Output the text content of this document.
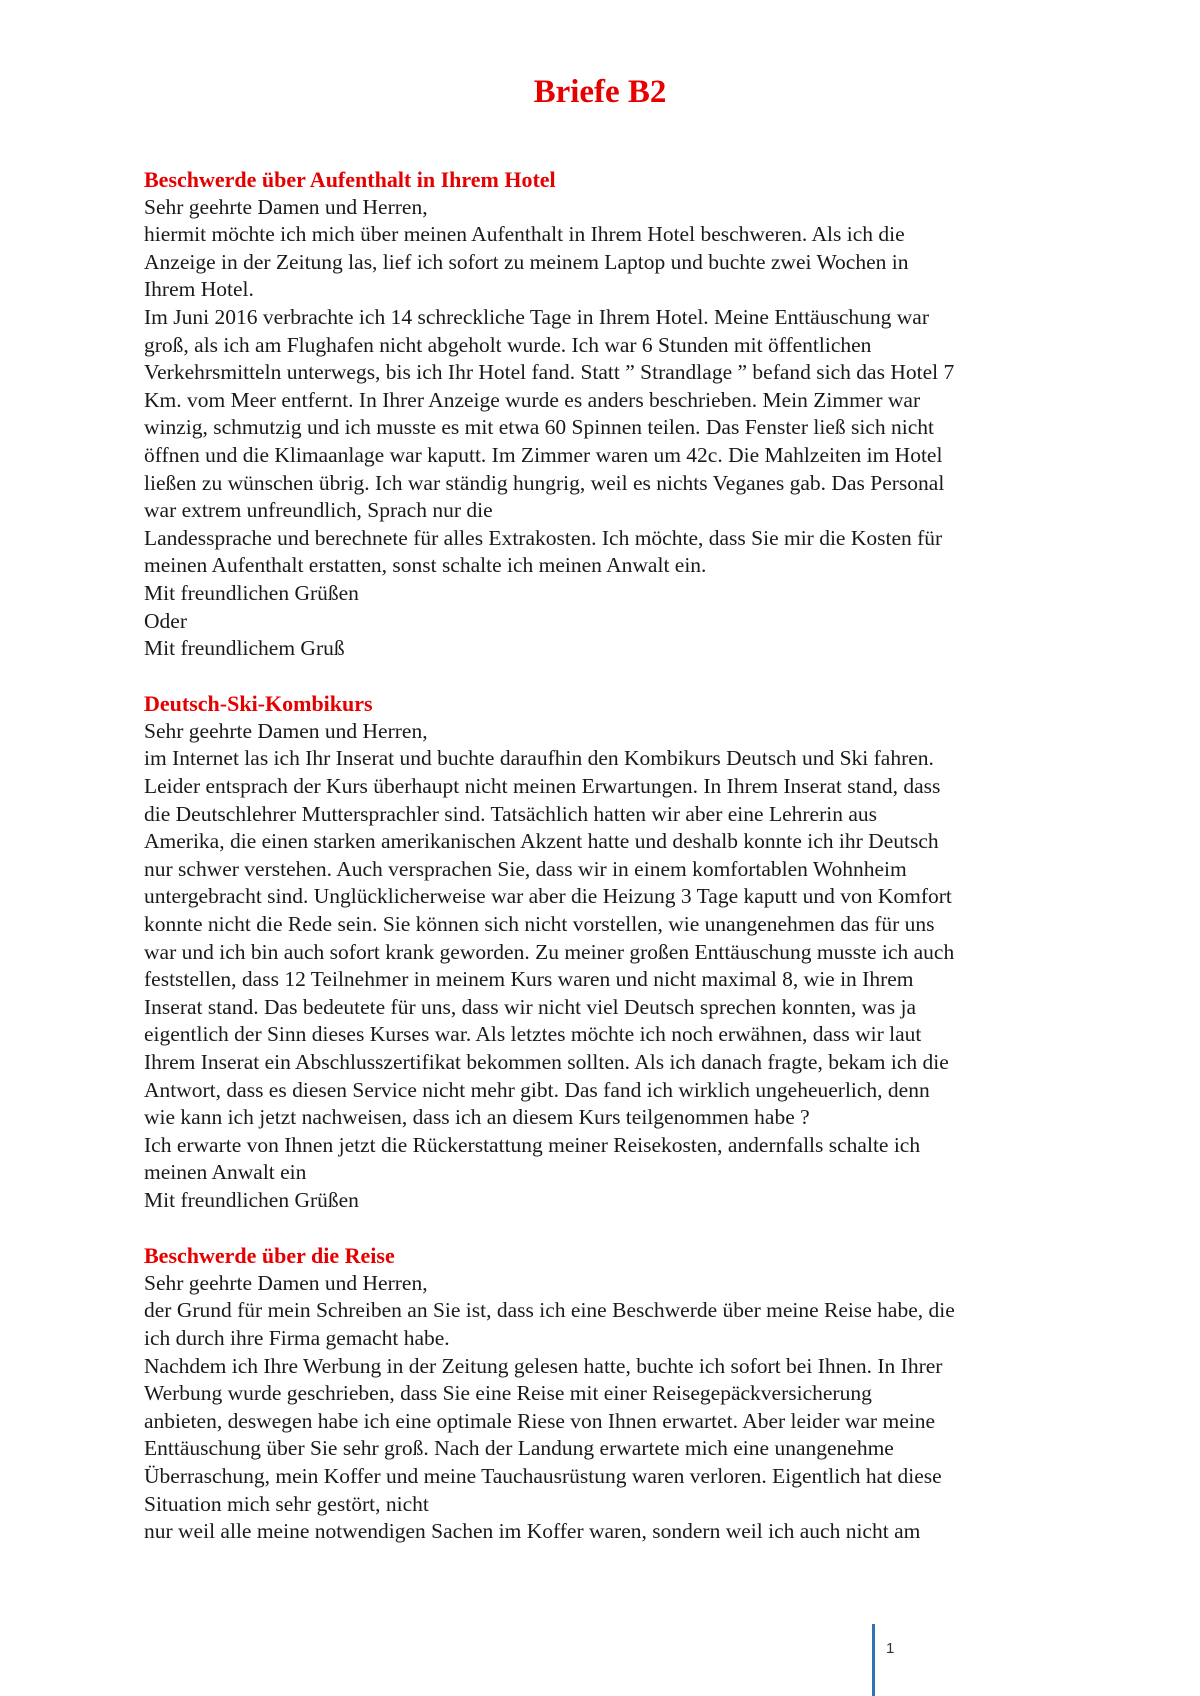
Briefe B2
Beschwerde über Aufenthalt in Ihrem Hotel

Sehr geehrte Damen und Herren,

hiermit möchte ich mich über meinen Aufenthalt in Ihrem Hotel beschweren. Als ich die

Anzeige in der Zeitung las, lief ich sofort zu meinem Laptop und buchte zwei Wochen in

Ihrem Hotel.

Im Juni 2016 verbrachte ich 14 schreckliche Tage in Ihrem Hotel. Meine Enttäuschung war

groß, als ich am Flughafen nicht abgeholt wurde. Ich war 6 Stunden mit öffentlichen

Verkehrsmitteln unterwegs, bis ich Ihr Hotel fand. Statt ” Strandlage ” befand sich das Hotel 7

Km. vom Meer entfernt. In Ihrer Anzeige wurde es anders beschrieben. Mein Zimmer war

winzig, schmutzig und ich musste es mit etwa 60 Spinnen teilen. Das Fenster ließ sich nicht

öffnen und die Klimaanlage war kaputt. Im Zimmer waren um 42c. Die Mahlzeiten im Hotel

ließen zu wünschen übrig. Ich war ständig hungrig, weil es nichts Veganes gab. Das Personal

war extrem unfreundlich, Sprach nur die

Landessprache und berechnete für alles Extrakosten. Ich möchte, dass Sie mir die Kosten für

meinen Aufenthalt erstatten, sonst schalte ich meinen Anwalt ein.

Mit freundlichen Grüßen

Oder

Mit freundlichem Gruß

Deutsch-Ski-Kombikurs

Sehr geehrte Damen und Herren,

im Internet las ich Ihr Inserat und buchte daraufhin den Kombikurs Deutsch und Ski fahren.

Leider entsprach der Kurs überhaupt nicht meinen Erwartungen. In Ihrem Inserat stand, dass

die Deutschlehrer Muttersprachler sind. Tatsächlich hatten wir aber eine Lehrerin aus

Amerika, die einen starken amerikanischen Akzent hatte und deshalb konnte ich ihr Deutsch

nur schwer verstehen. Auch versprachen Sie, dass wir in einem komfortablen Wohnheim

untergebracht sind. Unglücklicherweise war aber die Heizung 3 Tage kaputt und von Komfort

konnte nicht die Rede sein. Sie können sich nicht vorstellen, wie unangenehmen das für uns

war und ich bin auch sofort krank geworden. Zu meiner großen Enttäuschung musste ich auch

feststellen, dass 12 Teilnehmer in meinem Kurs waren und nicht maximal 8, wie in Ihrem

Inserat stand. Das bedeutete für uns, dass wir nicht viel Deutsch sprechen konnten, was ja

eigentlich der Sinn dieses Kurses war. Als letztes möchte ich noch erwähnen, dass wir laut

Ihrem Inserat ein Abschlusszertifikat bekommen sollten. Als ich danach fragte, bekam ich die

Antwort, dass es diesen Service nicht mehr gibt. Das fand ich wirklich ungeheuerlich, denn

wie kann ich jetzt nachweisen, dass ich an diesem Kurs teilgenommen habe ?

Ich erwarte von Ihnen jetzt die Rückerstattung meiner Reisekosten, andernfalls schalte ich

meinen Anwalt ein

Mit freundlichen Grüßen

Beschwerde über die Reise

Sehr geehrte Damen und Herren,

der Grund für mein Schreiben an Sie ist, dass ich eine Beschwerde über meine Reise habe, die

ich durch ihre Firma gemacht habe.

Nachdem ich Ihre Werbung in der Zeitung gelesen hatte, buchte ich sofort bei Ihnen. In Ihrer

Werbung wurde geschrieben, dass Sie eine Reise mit einer Reisegepäckversicherung

anbieten, deswegen habe ich eine optimale Riese von Ihnen erwartet. Aber leider war meine

Enttäuschung über Sie sehr groß. Nach der Landung erwartete mich eine unangenehme

Überraschung, mein Koffer und meine Tauchausrüstung waren verloren. Eigentlich hat diese

Situation mich sehr gestört, nicht

nur weil alle meine notwendigen Sachen im Koffer waren, sondern weil ich auch nicht am

1
